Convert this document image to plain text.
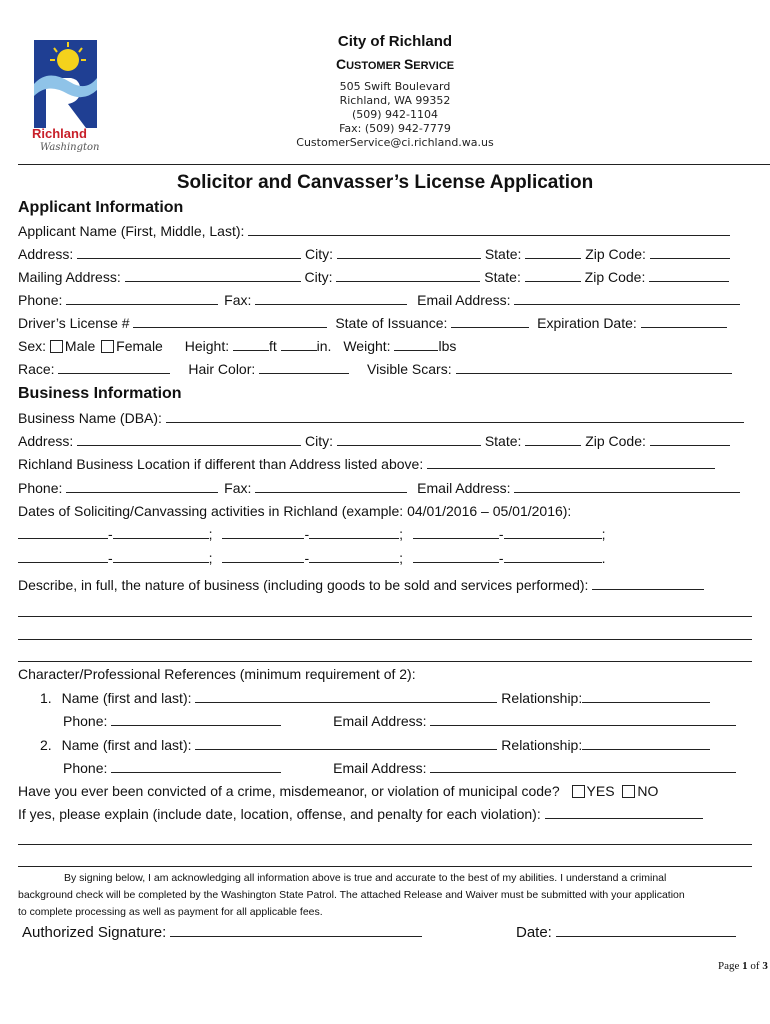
Richland
Washington
City of Richland
CUSTOMER SERVICE
505 Swift Boulevard
Richland, WA 99352
(509) 942-1104
Fax: (509) 942-7779
CustomerService@ci.richland.wa.us
Solicitor and Canvasser’s License Application
Applicant Information
Applicant Name (First, Middle, Last):
Address:	City:	State:	Zip Code:
Mailing Address:	City:	State:	Zip Code:
Phone:	Fax:	Email Address:
Driver’s License #	State of Issuance:	Expiration Date:
Sex: Male Female Height:	ft	in. Weight:	lbs
Race:	Hair Color:	Visible Scars:
Business Information
Business Name (DBA):
Address:	City:	State:	Zip Code:
Richland Business Location if different than Address listed above:
Phone:	Fax:	Email Address:
Dates of Soliciting/Canvassing activities in Richland (example: 04/01/2016 – 05/01/2016):
-	;	-	;	-	;
-	;	-	;	-	.
Describe, in full, the nature of business (including goods to be sold and services performed):
Character/Professional References (minimum requirement of 2):
1. Name (first and last):	Relationship:
Phone:	Email Address:
2. Name (first and last):	Relationship:
Phone:	Email Address:
Have you ever been convicted of a crime, misdemeanor, or violation of municipal code? YES NO
If yes, please explain (include date, location, offense, and penalty for each violation):
By signing below, I am acknowledging all information above is true and accurate to the best of my abilities. I understand a criminal
background check will be completed by the Washington State Patrol. The attached Release and Waiver must be submitted with your application
to complete processing as well as payment for all applicable fees.
Authorized Signature:	Date:
Page 1 of 3
